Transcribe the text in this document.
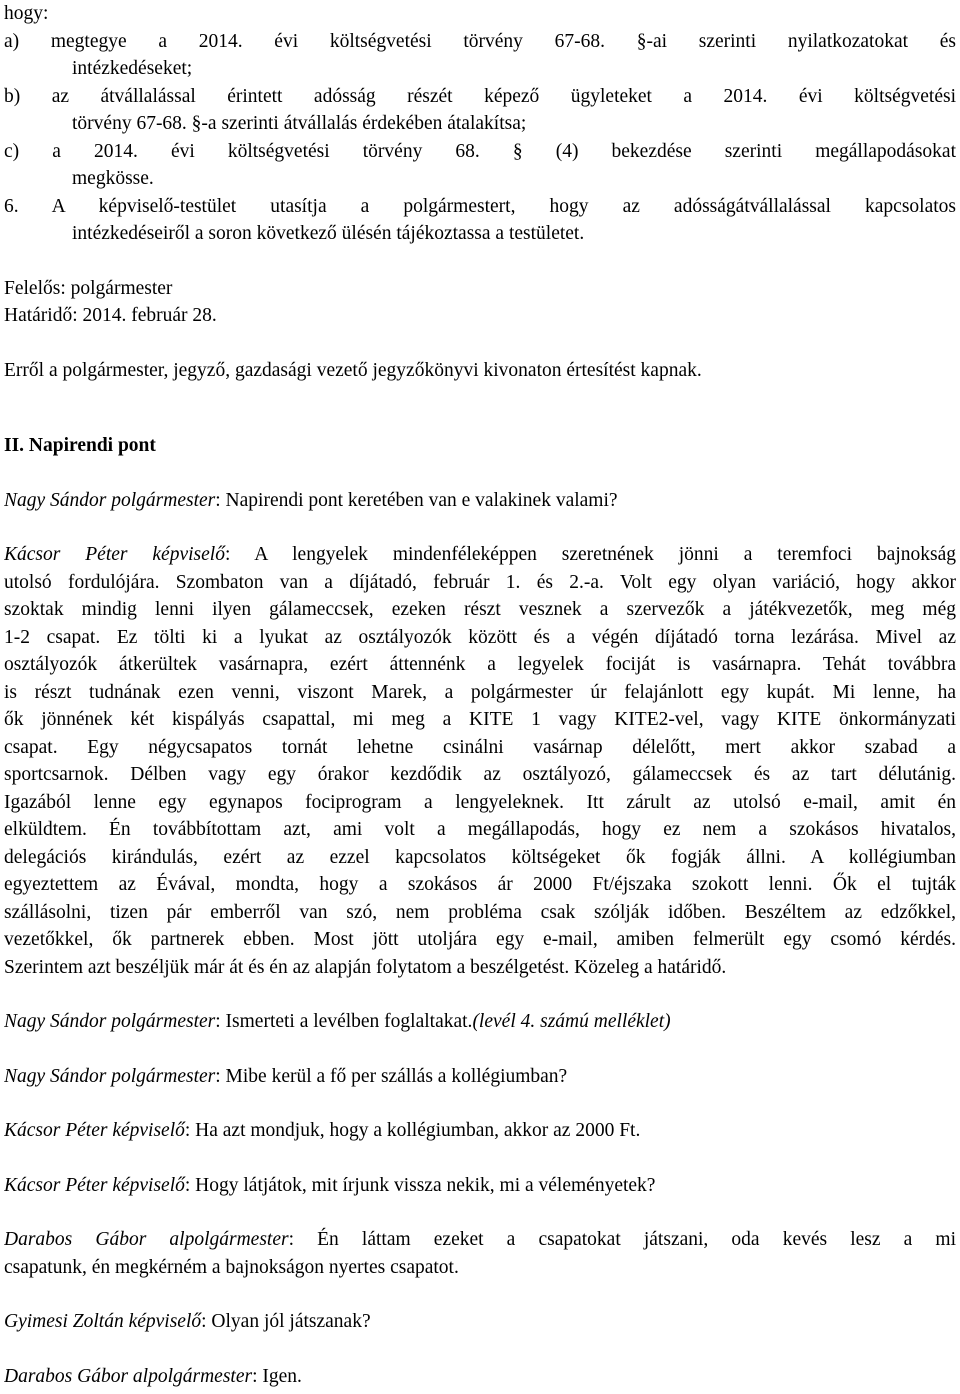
hogy:
a) megtegye a 2014. évi költségvetési törvény 67-68. §-ai szerinti nyilatkozatokat és
intézkedéseket;
b) az átvállalással érintett adósság részét képező ügyleteket a 2014. évi költségvetési
törvény 67-68. §-a szerinti átvállalás érdekében átalakítsa;
c) a 2014. évi költségvetési törvény 68. § (4) bekezdése szerinti megállapodásokat
megkösse.
6. A képviselő-testület utasítja a polgármestert, hogy az adósságátvállalással kapcsolatos
intézkedéseiről a soron következő ülésén tájékoztassa a testületet.
Felelős: polgármester
Határidő: 2014. február 28.
Erről a polgármester, jegyző, gazdasági vezető jegyzőkönyvi kivonaton értesítést kapnak.
II. Napirendi pont
Nagy Sándor polgármester: Napirendi pont keretében van e valakinek valami?
Kácsor Péter képviselő: A lengyelek mindenféleképpen szeretnének jönni a teremfoci bajnokság
utolsó fordulójára. Szombaton van a díjátadó, február 1. és 2.-a. Volt egy olyan variáció, hogy akkor
szoktak mindig lenni ilyen gálameccsek, ezeken részt vesznek a szervezők a játékvezetők, meg még
1-2 csapat. Ez tölti ki a lyukat az osztályozók között és a végén díjátadó torna lezárása. Mivel az
osztályozók átkerültek vasárnapra, ezért áttennénk a legyelek fociját is vasárnapra. Tehát továbbra
is részt tudnának ezen venni, viszont Marek, a polgármester úr felajánlott egy kupát. Mi lenne, ha
ők jönnének két kispályás csapattal, mi meg a KITE 1 vagy KITE2-vel, vagy KITE önkormányzati
csapat. Egy négycsapatos tornát lehetne csinálni vasárnap délelőtt, mert akkor szabad a
sportcsarnok. Délben vagy egy órakor kezdődik az osztályozó, gálameccsek és az tart délutánig.
Igazából lenne egy egynapos fociprogram a lengyeleknek. Itt zárult az utolsó e-mail, amit én
elküldtem. Én továbbítottam azt, ami volt a megállapodás, hogy ez nem a szokásos hivatalos,
delegációs kirándulás, ezért az ezzel kapcsolatos költségeket ők fogják állni. A kollégiumban
egyeztettem az Évával, mondta, hogy a szokásos ár 2000 Ft/éjszaka szokott lenni. Ők el tujták
szállásolni, tizen pár emberről van szó, nem probléma csak szólják időben. Beszéltem az edzőkkel,
vezetőkkel, ők partnerek ebben. Most jött utoljára egy e-mail, amiben felmerült egy csomó kérdés.
Szerintem azt beszéljük már át és én az alapján folytatom a beszélgetést. Közeleg a határidő.
Nagy Sándor polgármester: Ismerteti a levélben foglaltakat.(levél 4. számú melléklet)
Nagy Sándor polgármester: Mibe kerül a fő per szállás a kollégiumban?
Kácsor Péter képviselő: Ha azt mondjuk, hogy a kollégiumban, akkor az 2000 Ft.
Kácsor Péter képviselő: Hogy látjátok, mit írjunk vissza nekik, mi a véleményetek?
Darabos Gábor alpolgármester: Én láttam ezeket a csapatokat játszani, oda kevés lesz a mi
csapatunk, én megkérném a bajnokságon nyertes csapatot.
Gyimesi Zoltán képviselő: Olyan jól játszanak?
Darabos Gábor alpolgármester: Igen.
